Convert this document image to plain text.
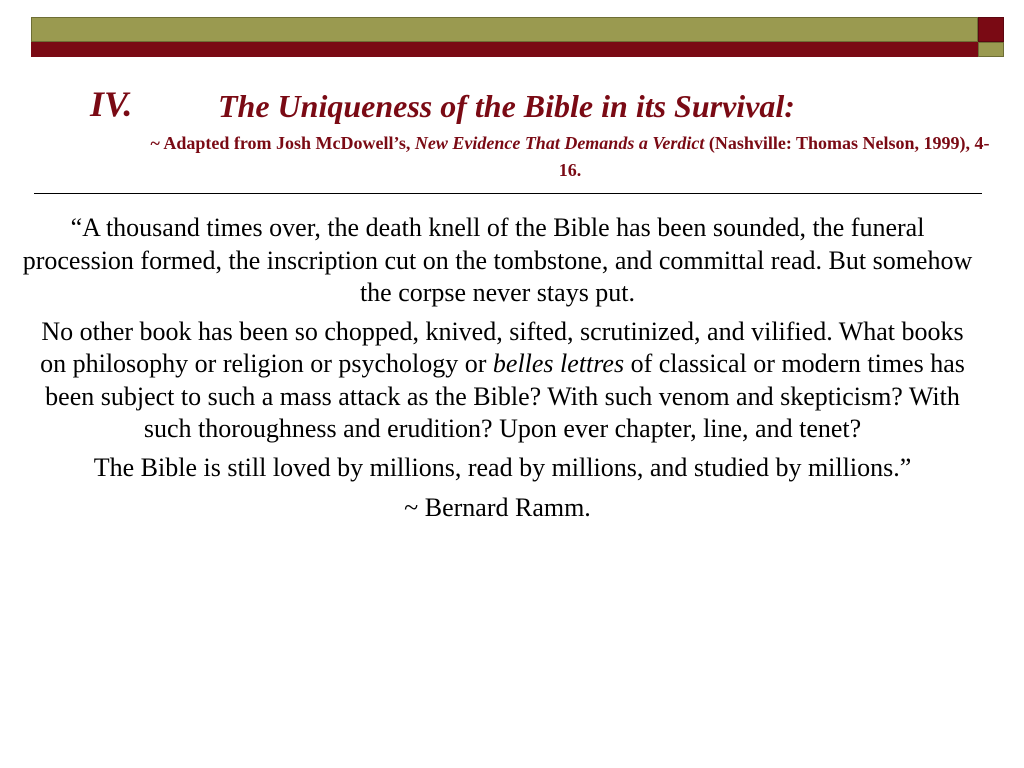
IV.	The Uniqueness of the Bible in its Survival:
~ Adapted from Josh McDowell’s, New Evidence That Demands a Verdict (Nashville: Thomas Nelson, 1999), 4-16.

“A thousand times over, the death knell of the Bible has been sounded, the funeral procession formed, the inscription cut on the tombstone, and committal read. But somehow the corpse never stays put.

No other book has been so chopped, knived, sifted, scrutinized, and vilified. What books on philosophy or religion or psychology or belles lettres of classical or modern times has been subject to such a mass attack as the Bible? With such venom and skepticism? With such thoroughness and erudition? Upon ever chapter, line, and tenet?

The Bible is still loved by millions, read by millions, and studied by millions.”

~ Bernard Ramm.
